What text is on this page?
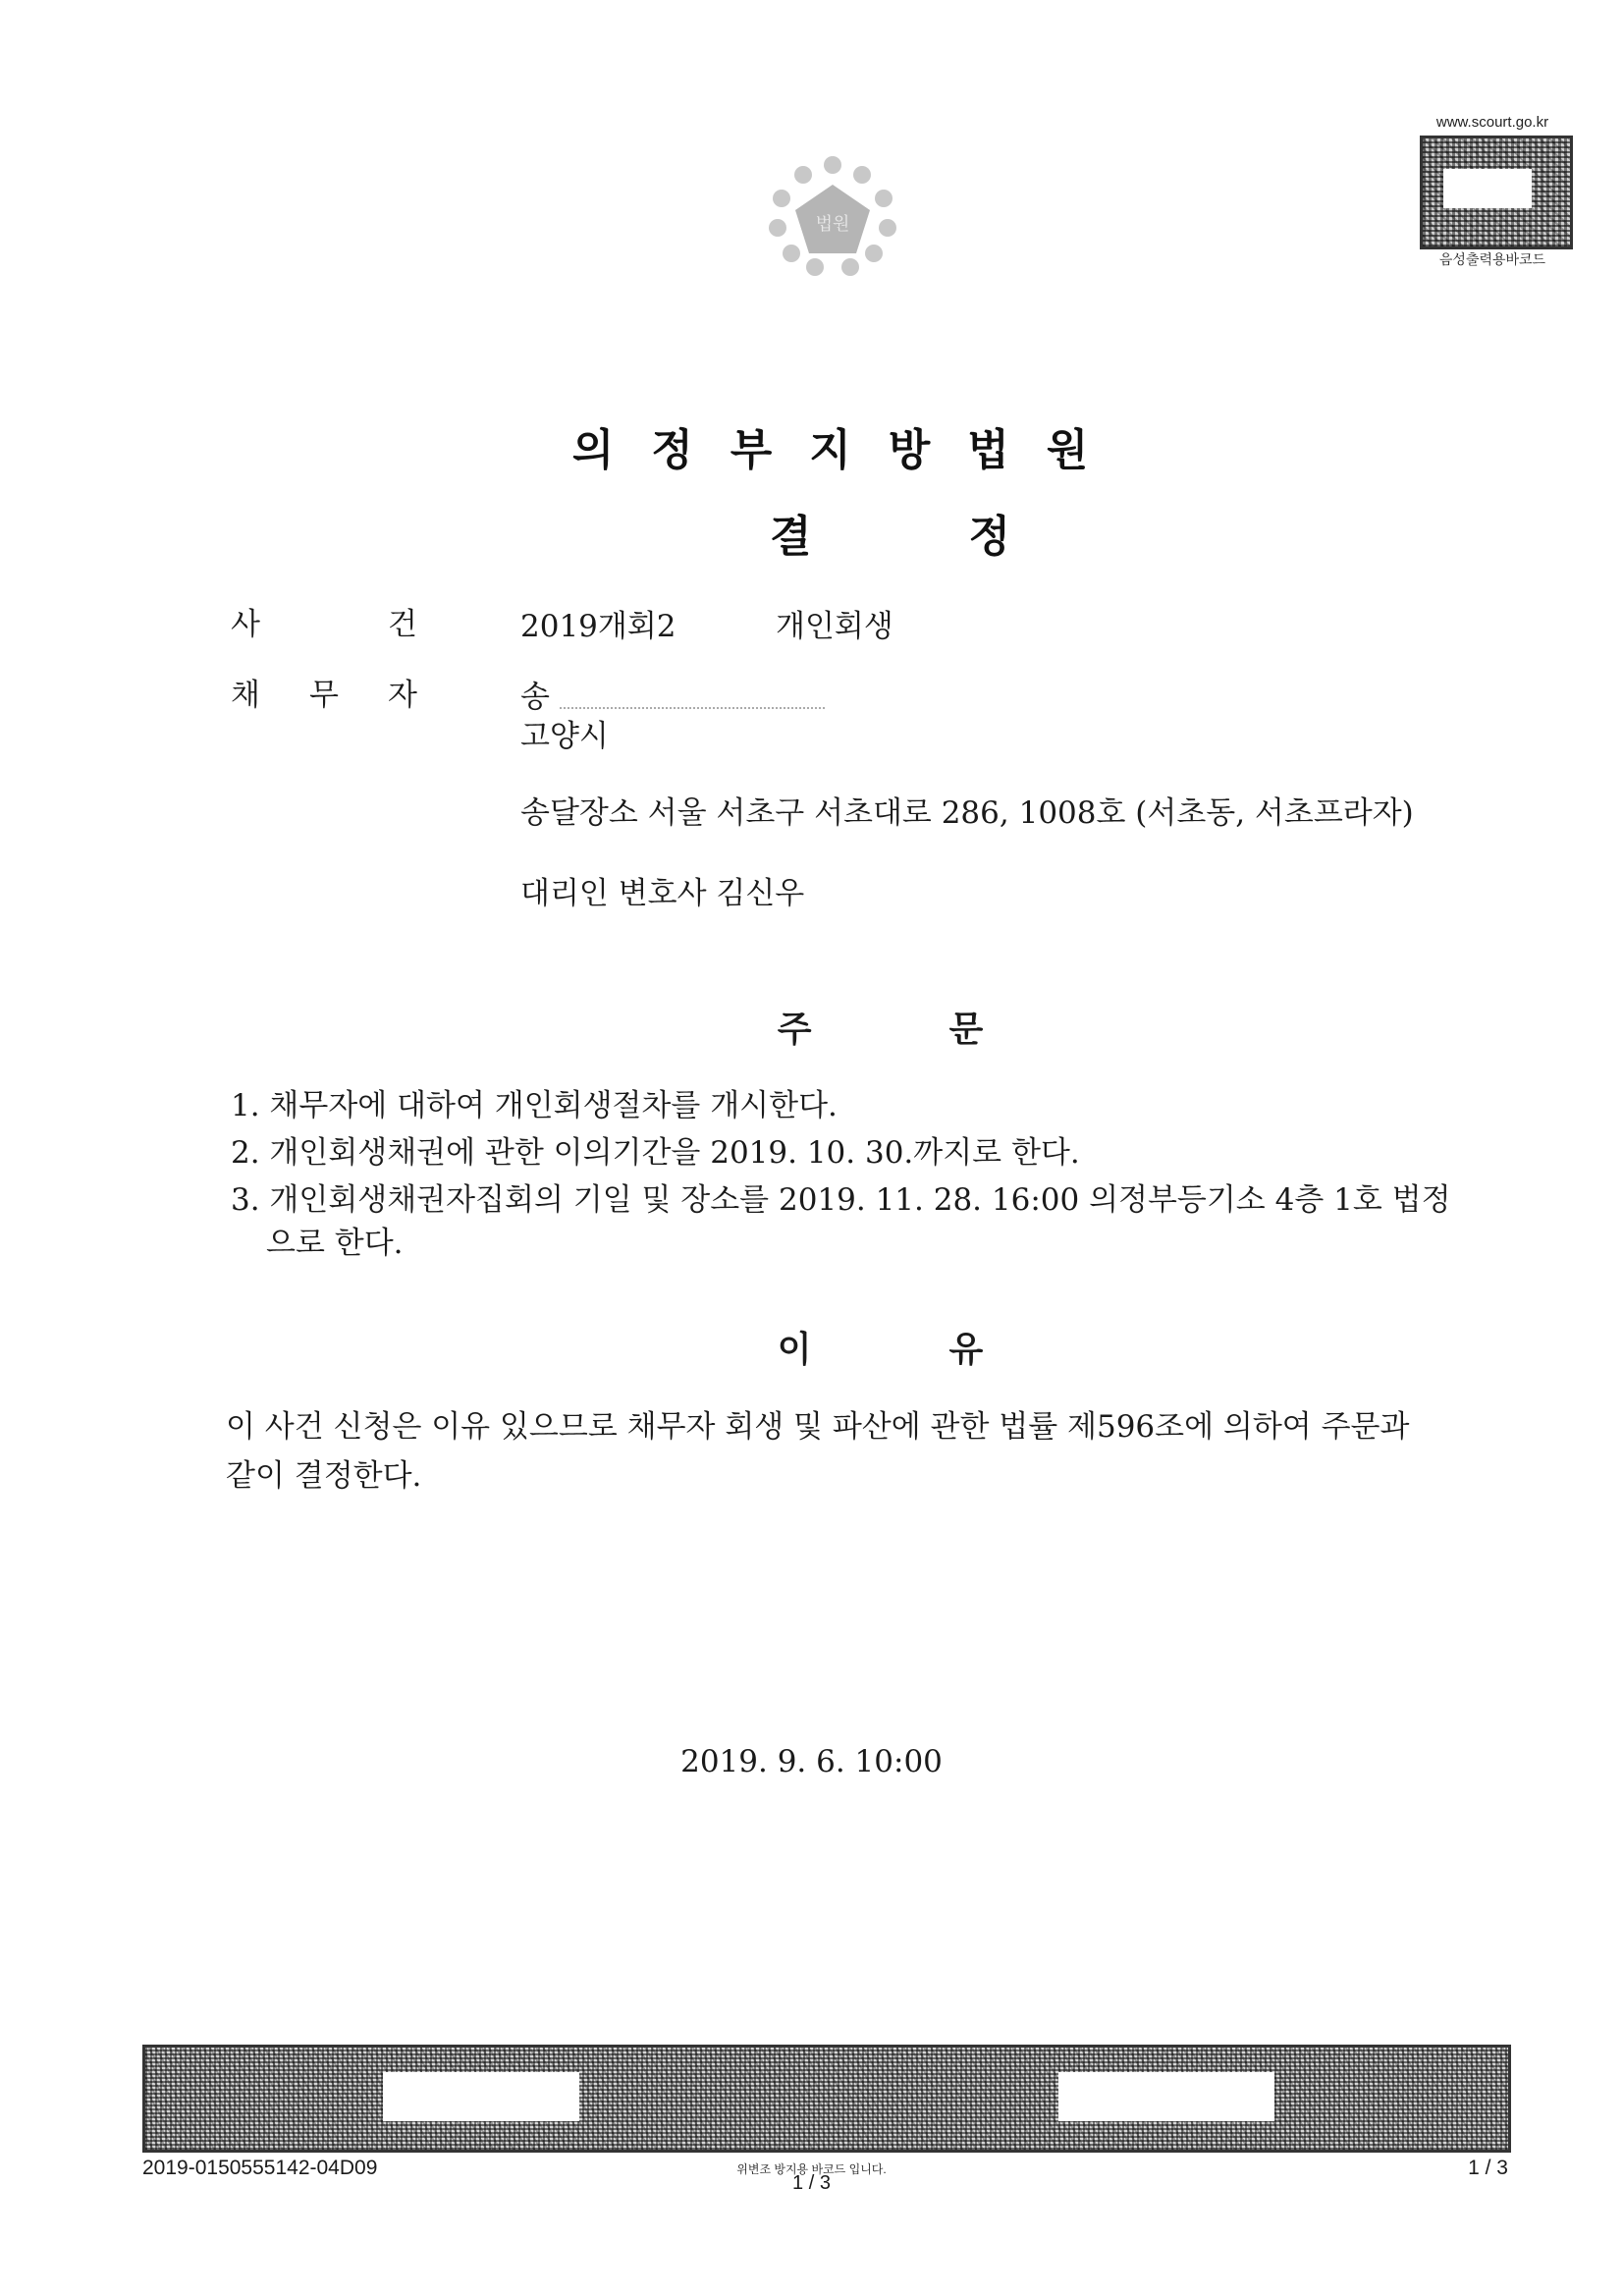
법원
www.scourt.go.kr
음성출력용바코드
의정부지방법원
결정
사	건	2019개회2	개인회생
채 무 자	송
고양시
송달장소 서울 서초구 서초대로 286, 1008호 (서초동, 서초프라자)
대리인 변호사 김신우
주문
1. 채무자에 대하여 개인회생절차를 개시한다.
2. 개인회생채권에 관한 이의기간을 2019. 10. 30.까지로 한다.
3. 개인회생채권자집회의 기일 및 장소를 2019. 11. 28. 16:00 의정부등기소 4층 1호 법정으로 한다.
이유
이 사건 신청은 이유 있으므로 채무자 회생 및 파산에 관한 법률 제596조에 의하여 주문과 같이 결정한다.
2019. 9. 6. 10:00
2019-0150555142-04D09	위변조 방지용 바코드 입니다.
1 / 3
1 / 3
